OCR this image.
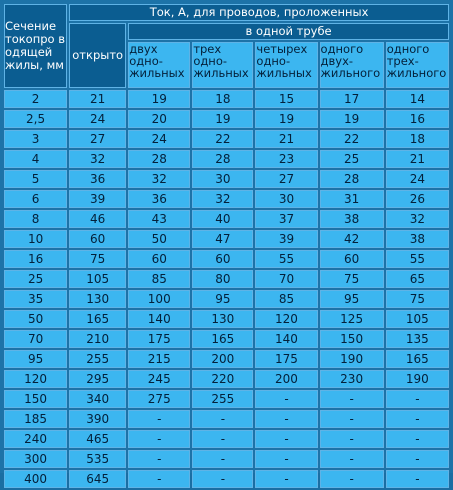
Сечение токопро водящей жилы, мм	Ток, А, для проводов, проложенных					
	открыто	в одной трубе				
		двух одно- жильных	трех одно- жильных	четырех одно- жильных	одного двух- жильного	одного трех- жильного
2	21	19	18	15	17	14
2,5	24	20	19	19	19	16
3	27	24	22	21	22	18
4	32	28	28	23	25	21
5	36	32	30	27	28	24
6	39	36	32	30	31	26
8	46	43	40	37	38	32
10	60	50	47	39	42	38
16	75	60	60	55	60	55
25	105	85	80	70	75	65
35	130	100	95	85	95	75
50	165	140	130	120	125	105
70	210	175	165	140	150	135
95	255	215	200	175	190	165
120	295	245	220	200	230	190
150	340	275	255	-	-	-
185	390	-	-	-	-	-
240	465	-	-	-	-	-
300	535	-	-	-	-	-
400	645	-	-	-	-	-
